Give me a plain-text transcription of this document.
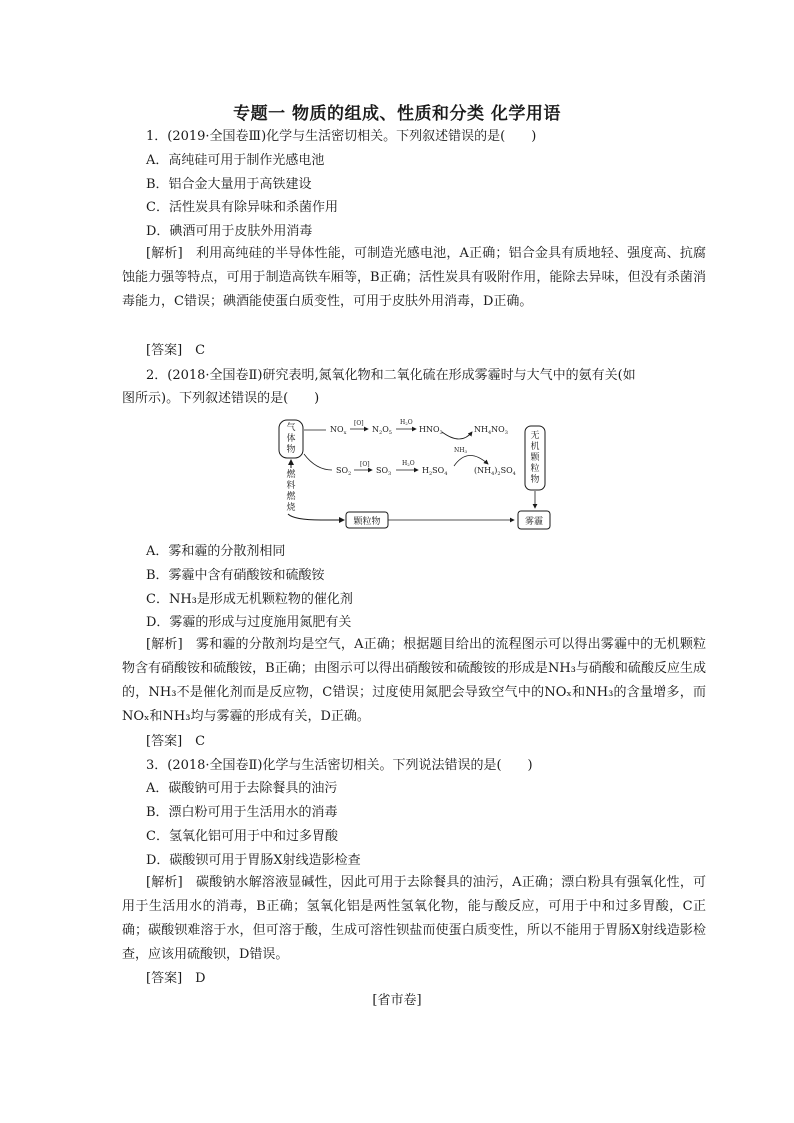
专题一 物质的组成、性质和分类 化学用语
1．(2019·全国卷Ⅲ)化学与生活密切相关。下列叙述错误的是(　　)
A．高纯硅可用于制作光感电池
B．铝合金大量用于高铁建设
C．活性炭具有除异味和杀菌作用
D．碘酒可用于皮肤外用消毒
[解析]　 利用高纯硅的半导体性能，可制造光感电池，A正确；铝合金具有质地轻、强度高、抗腐蚀能力强等特点，可用于制造高铁车厢等，B正确；活性炭具有吸附作用，能除去异味，但没有杀菌消毒能力，C错误；碘酒能使蛋白质变性，可用于皮肤外用消毒，D正确。
[答案]　 C
2．(2018·全国卷Ⅱ)研究表明,氮氧化物和二氧化硫在形成雾霾时与大气中的氨有关(如
图所示)。下列叙述错误的是(　　)
气
体
物
燃
料
燃
烧
$NO_x$
[O]
$N_2O_5$
H2O
$HNO_3$
NH3
$NH_4NO_3$
$SO_2$
[O]
$SO_3$
H2O
$H_2SO_4$	$(NH_4)_2SO_4$
无
机
颗
粒
物
颗粒物	雾霾
A．雾和霾的分散剂相同
B．雾霾中含有硝酸铵和硫酸铵
C．NH₃是形成无机颗粒物的催化剂
D．雾霾的形成与过度施用氮肥有关
[解析]　 雾和霾的分散剂均是空气，A正确；根据题目给出的流程图示可以得出雾霾中的无机颗粒物含有硝酸铵和硫酸铵，B正确；由图示可以得出硝酸铵和硫酸铵的形成是NH₃与硝酸和硫酸反应生成的，NH₃不是催化剂而是反应物，C错误；过度使用氮肥会导致空气中的NOₓ和NH₃的含量增多，而NOₓ和NH₃均与雾霾的形成有关，D正确。
[答案]　 C
3．(2018·全国卷Ⅱ)化学与生活密切相关。下列说法错误的是(　　)
A．碳酸钠可用于去除餐具的油污
B．漂白粉可用于生活用水的消毒
C．氢氧化铝可用于中和过多胃酸
D．碳酸钡可用于胃肠X射线造影检查
[解析]　 碳酸钠水解溶液显碱性，因此可用于去除餐具的油污，A正确；漂白粉具有强氧化性，可用于生活用水的消毒，B正确；氢氧化铝是两性氢氧化物，能与酸反应，可用于中和过多胃酸，C正确；碳酸钡难溶于水，但可溶于酸，生成可溶性钡盐而使蛋白质变性，所以不能用于胃肠X射线造影检查，应该用硫酸钡，D错误。
[答案]　 D
[省市卷]
